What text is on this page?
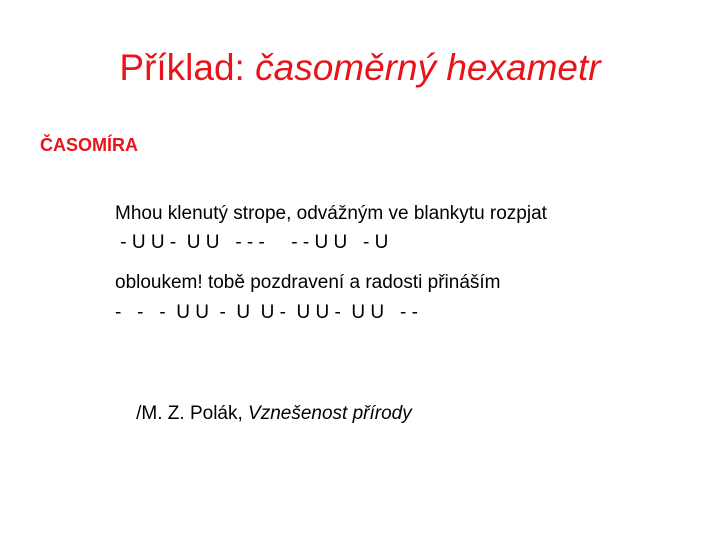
Příklad: časoměrný hexametr
ČASOMÍRA
Mhou klenutý strope, odvážným ve blankytu rozpjat
- U U -  U U   - - -     - - U U   - U
obloukem! tobě pozdravení a radosti přináším
-   -   -  U U  -  U  U -  U U -  U U   - -

/M. Z. Polák, Vznešenost přírody
